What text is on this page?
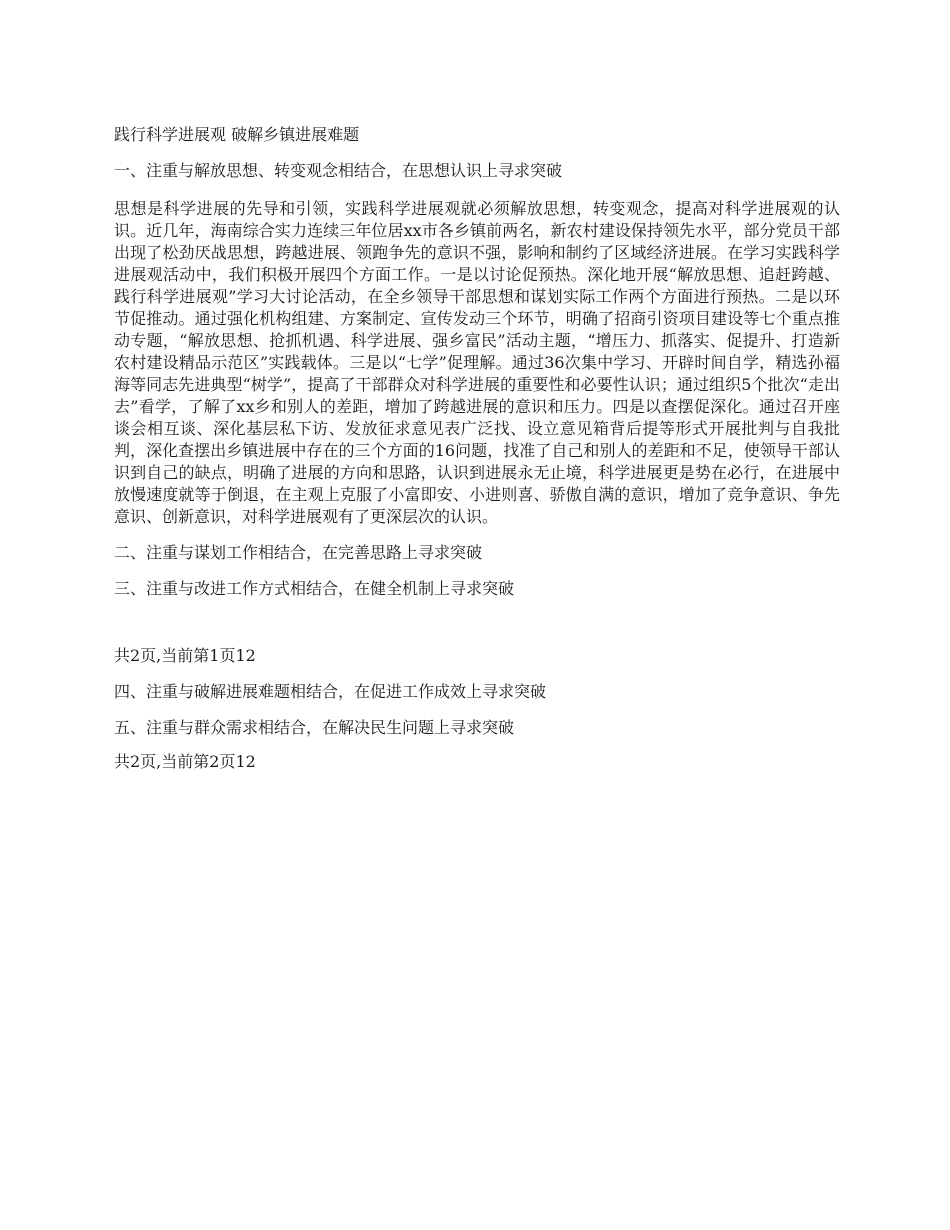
践行科学进展观 破解乡镇进展难题

一、注重与解放思想、转变观念相结合，在思想认识上寻求突破

思想是科学进展的先导和引领，实践科学进展观就必须解放思想，转变观念，提高对科学进展观的认识。近几年，海南综合实力连续三年位居xx市各乡镇前两名，新农村建设保持领先水平，部分党员干部出现了松劲厌战思想，跨越进展、领跑争先的意识不强，影响和制约了区域经济进展。在学习实践科学进展观活动中，我们积极开展四个方面工作。一是以讨论促预热。深化地开展“解放思想、追赶跨越、践行科学进展观”学习大讨论活动，在全乡领导干部思想和谋划实际工作两个方面进行预热。二是以环节促推动。通过强化机构组建、方案制定、宣传发动三个环节，明确了招商引资项目建设等七个重点推动专题，“解放思想、抢抓机遇、科学进展、强乡富民”活动主题，“增压力、抓落实、促提升、打造新农村建设精品示范区”实践载体。三是以“七学”促理解。通过36次集中学习、开辟时间自学，精选孙福海等同志先进典型“树学”，提高了干部群众对科学进展的重要性和必要性认识；通过组织5个批次“走出去”看学，了解了xx乡和别人的差距，增加了跨越进展的意识和压力。四是以查摆促深化。通过召开座谈会相互谈、深化基层私下访、发放征求意见表广泛找、设立意见箱背后提等形式开展批判与自我批判，深化查摆出乡镇进展中存在的三个方面的16问题，找准了自己和别人的差距和不足，使领导干部认识到自己的缺点，明确了进展的方向和思路，认识到进展永无止境，科学进展更是势在必行，在进展中放慢速度就等于倒退，在主观上克服了小富即安、小进则喜、骄傲自满的意识，增加了竞争意识、争先意识、创新意识，对科学进展观有了更深层次的认识。

二、注重与谋划工作相结合，在完善思路上寻求突破

三、注重与改进工作方式相结合，在健全机制上寻求突破

共2页,当前第1页12

四、注重与破解进展难题相结合，在促进工作成效上寻求突破

五、注重与群众需求相结合，在解决民生问题上寻求突破

共2页,当前第2页12
